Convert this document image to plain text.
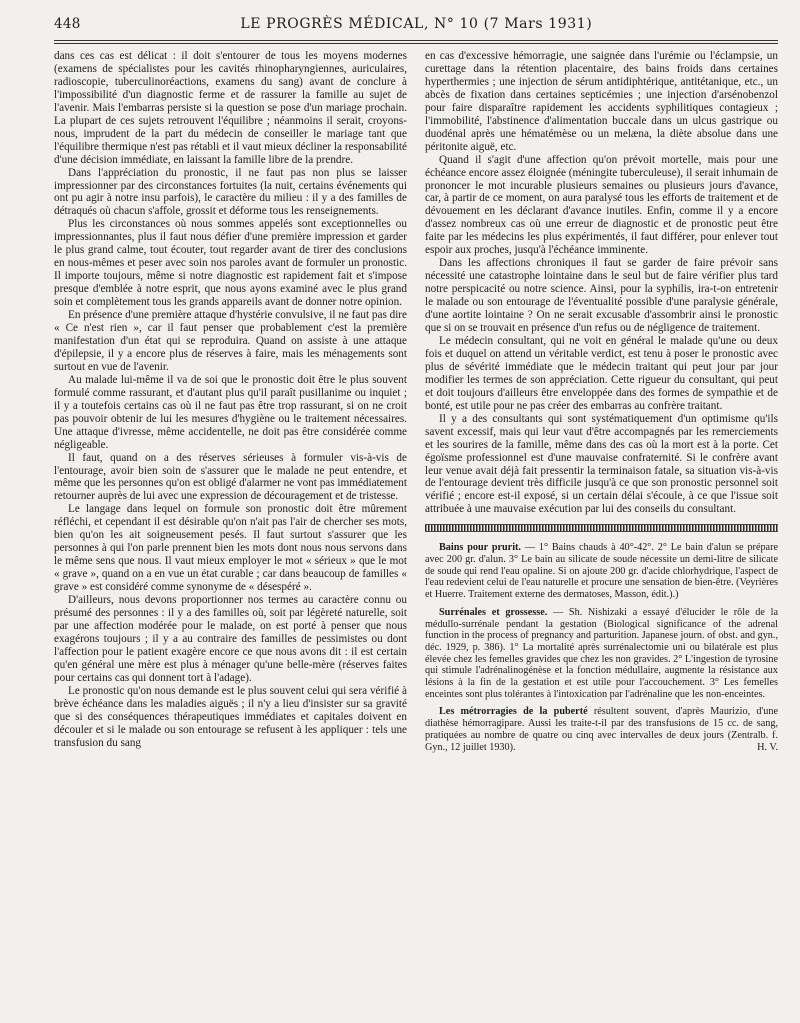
448	LE PROGRÈS MÉDICAL, N° 10 (7 Mars 1931)

dans ces cas est délicat : il doit s'entourer de tous les moyens modernes (examens de spécialistes pour les cavités rhinopharyngiennes, auriculaires, radioscopie, tuberculinoréactions, examens du sang) avant de conclure à l'impossibilité d'un diagnostic ferme et de rassurer la famille au sujet de l'avenir. Mais l'embarras persiste si la question se pose d'un mariage prochain. La plupart de ces sujets retrouvent l'équilibre ; néanmoins il serait, croyons-nous, imprudent de la part du médecin de conseiller le mariage tant que l'équilibre thermique n'est pas rétabli et il vaut mieux décliner la responsabilité d'une décision immédiate, en laissant la famille libre de la prendre.

Dans l'appréciation du pronostic, il ne faut pas non plus se laisser impressionner par des circonstances fortuites (la nuit, certains événements qui ont pu agir à notre insu parfois), le caractère du milieu : il y a des familles de détraqués où chacun s'affole, grossit et déforme tous les renseignements.

Plus les circonstances où nous sommes appelés sont exceptionnelles ou impressionnantes, plus il faut nous défier d'une première impression et garder le plus grand calme, tout écouter, tout regarder avant de tirer des conclusions en nous-mêmes et peser avec soin nos paroles avant de formuler un pronostic. Il importe toujours, même si notre diagnostic est rapidement fait et s'impose presque d'emblée à notre esprit, que nous ayons examiné avec le plus grand soin et complètement tous les grands appareils avant de donner notre opinion.

En présence d'une première attaque d'hystérie convulsive, il ne faut pas dire « Ce n'est rien », car il faut penser que probablement c'est la première manifestation d'un état qui se reproduira. Quand on assiste à une attaque d'épilepsie, il y a encore plus de réserves à faire, mais les ménagements sont surtout en vue de l'avenir.

Au malade lui-même il va de soi que le pronostic doit être le plus souvent formulé comme rassurant, et d'autant plus qu'il paraît pusillanime ou inquiet ; il y a toutefois certains cas où il ne faut pas être trop rassurant, si on ne croit pas pouvoir obtenir de lui les mesures d'hygiène ou le traitement nécessaires. Une attaque d'ivresse, même accidentelle, ne doit pas être considérée comme négligeable.

Il faut, quand on a des réserves sérieuses à formuler vis-à-vis de l'entourage, avoir bien soin de s'assurer que le malade ne peut entendre, et même que les personnes qu'on est obligé d'alarmer ne vont pas immédiatement retourner auprès de lui avec une expression de découragement et de tristesse.

Le langage dans lequel on formule son pronostic doit être mûrement réfléchi, et cependant il est désirable qu'on n'ait pas l'air de chercher ses mots, bien qu'on les ait soigneusement pesés. Il faut surtout s'assurer que les personnes à qui l'on parle prennent bien les mots dont nous nous servons dans le même sens que nous. Il vaut mieux employer le mot « sérieux » que le mot « grave », quand on a en vue un état curable ; car dans beaucoup de familles « grave » est considéré comme synonyme de « désespéré ».

D'ailleurs, nous devons proportionner nos termes au caractère connu ou présumé des personnes : il y a des familles où, soit par légèreté naturelle, soit par une affection modérée pour le malade, on est porté à penser que nous exagérons toujours ; il y a au contraire des familles de pessimistes ou dont l'affection pour le patient exagère encore ce que nous avons dit : il est certain qu'en général une mère est plus à ménager qu'une belle-mère (réserves faites pour certains cas qui donnent tort à l'adage).

Le pronostic qu'on nous demande est le plus souvent celui qui sera vérifié à brève échéance dans les maladies aiguës ; il n'y a lieu d'insister sur sa gravité que si des conséquences thérapeutiques immédiates et capitales doivent en découler et si le malade ou son entourage se refusent à les appliquer : tels une transfusion du sang

en cas d'excessive hémorragie, une saignée dans l'urémie ou l'éclampsie, un curettage dans la rétention placentaire, des bains froids dans certaines hyperthermies ; une injection de sérum antidiphtérique, antitétanique, etc., un abcès de fixation dans certaines septicémies ; une injection d'arsénobenzol pour faire disparaître rapidement les accidents syphilitiques contagieux ; l'immobilité, l'abstinence d'alimentation buccale dans un ulcus gastrique ou duodénal après une hématémèse ou un melæna, la diète absolue dans une péritonite aiguë, etc.

Quand il s'agit d'une affection qu'on prévoit mortelle, mais pour une échéance encore assez éloignée (méningite tuberculeuse), il serait inhumain de prononcer le mot incurable plusieurs semaines ou plusieurs jours d'avance, car, à partir de ce moment, on aura paralysé tous les efforts de traitement et de dévouement en les déclarant d'avance inutiles. Enfin, comme il y a encore d'assez nombreux cas où une erreur de diagnostic et de pronostic peut être faite par les médecins les plus expérimentés, il faut différer, pour enlever tout espoir aux proches, jusqu'à l'échéance imminente.

Dans les affections chroniques il faut se garder de faire prévoir sans nécessité une catastrophe lointaine dans le seul but de faire vérifier plus tard notre perspicacité ou notre science. Ainsi, pour la syphilis, ira-t-on entretenir le malade ou son entourage de l'éventualité possible d'une paralysie générale, d'une aortite lointaine ? On ne serait excusable d'assombrir ainsi le pronostic que si on se trouvait en présence d'un refus ou de négligence de traitement.

Le médecin consultant, qui ne voit en général le malade qu'une ou deux fois et duquel on attend un véritable verdict, est tenu à poser le pronostic avec plus de sévérité immédiate que le médecin traitant qui peut jour par jour modifier les termes de son appréciation. Cette rigueur du consultant, qui peut et doit toujours d'ailleurs être enveloppée dans des formes de sympathie et de bonté, est utile pour ne pas créer des embarras au confrère traitant.

Il y a des consultants qui sont systématiquement d'un optimisme qu'ils savent excessif, mais qui leur vaut d'être accompagnés par les remerciements et les sourires de la famille, même dans des cas où la mort est à la porte. Cet égoïsme professionnel est d'une mauvaise confraternité. Si le confrère avant leur venue avait déjà fait pressentir la terminaison fatale, sa situation vis-à-vis de l'entourage devient très difficile jusqu'à ce que son pronostic personnel soit vérifié ; encore est-il exposé, si un certain délai s'écoule, à ce que l'issue soit attribuée à une mauvaise exécution par lui des conseils du consultant.

Bains pour prurit. — 1° Bains chauds à 40°-42°. 2° Le bain d'alun se prépare avec 200 gr. d'alun. 3° Le bain au silicate de soude nécessite un demi-litre de silicate de soude qui rend l'eau opaline. Si on ajoute 200 gr. d'acide chlorhydrique, l'aspect de l'eau redevient celui de l'eau naturelle et procure une sensation de bien-être. (Veyrières et Huerre. Traitement externe des dermatoses, Masson, édit.).)

Surrénales et grossesse. — Sh. Nishizaki a essayé d'élucider le rôle de la médullo-surrénale pendant la gestation (Biological significance of the adrenal function in the process of pregnancy and parturition. Japanese journ. of obst. and gyn., déc. 1929, p. 386). 1° La mortalité après surrénalectomie uni ou bilatérale est plus élevée chez les femelles gravides que chez les non gravides. 2° L'ingestion de tyrosine qui stimule l'adrénalinogénèse et la fonction médullaire, augmente la résistance aux lésions à la fin de la gestation et est utile pour l'accouchement. 3° Les femelles enceintes sont plus tolérantes à l'intoxication par l'adrénaline que les non-enceintes.

Les métrorragies de la puberté résultent souvent, d'après Maurizio, d'une diathèse hémorragipare. Aussi les traite-t-il par des transfusions de 15 cc. de sang, pratiquées au nombre de quatre ou cinq avec intervalles de deux jours (Zentralb. f. Gyn., 12 juillet 1930).	H. V.
